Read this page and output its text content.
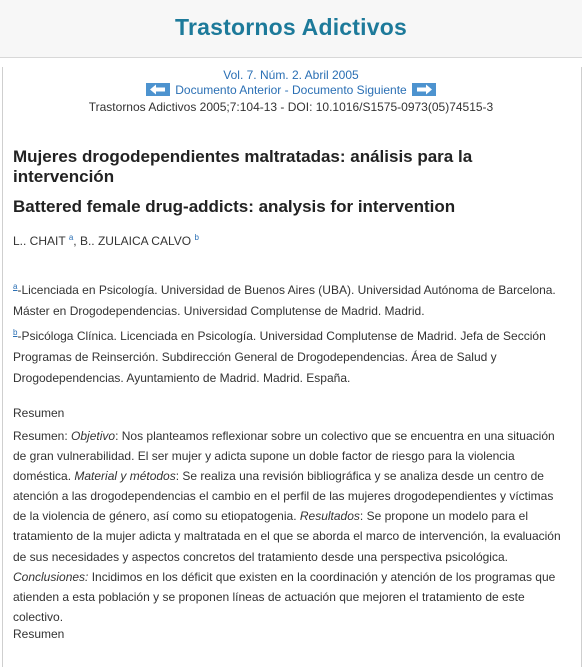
Trastornos Adictivos
Vol. 7. Núm. 2. Abril 2005
Documento Anterior - Documento Siguiente
Trastornos Adictivos 2005;7:104-13 - DOI: 10.1016/S1575-0973(05)74515-3
Mujeres drogodependientes maltratadas: análisis para la intervención
Battered female drug-addicts: analysis for intervention
L.. CHAIT $^a$, B.. ZULAICA CALVO $^b$
$^a$-Licenciada en Psicología. Universidad de Buenos Aires (UBA). Universidad Autónoma de Barcelona. Máster en Drogodependencias. Universidad Complutense de Madrid. Madrid.
$^b$-Psicóloga Clínica. Licenciada en Psicología. Universidad Complutense de Madrid. Jefa de Sección Programas de Reinserción. Subdirección General de Drogodependencias. Área de Salud y Drogodependencias. Ayuntamiento de Madrid. Madrid. España.
Resumen
Resumen: Objetivo: Nos planteamos reflexionar sobre un colectivo que se encuentra en una situación de gran vulnerabilidad. El ser mujer y adicta supone un doble factor de riesgo para la violencia doméstica. Material y métodos: Se realiza una revisión bibliográfica y se analiza desde un centro de atención a las drogodependencias el cambio en el perfil de las mujeres drogodependientes y víctimas de la violencia de género, así como su etiopatogenia. Resultados: Se propone un modelo para el tratamiento de la mujer adicta y maltratada en el que se aborda el marco de intervención, la evaluación de sus necesidades y aspectos concretos del tratamiento desde una perspectiva psicológica. Conclusiones: Incidimos en los déficit que existen en la coordinación y atención de los programas que atienden a esta población y se proponen líneas de actuación que mejoren el tratamiento de este colectivo.
Resumen
